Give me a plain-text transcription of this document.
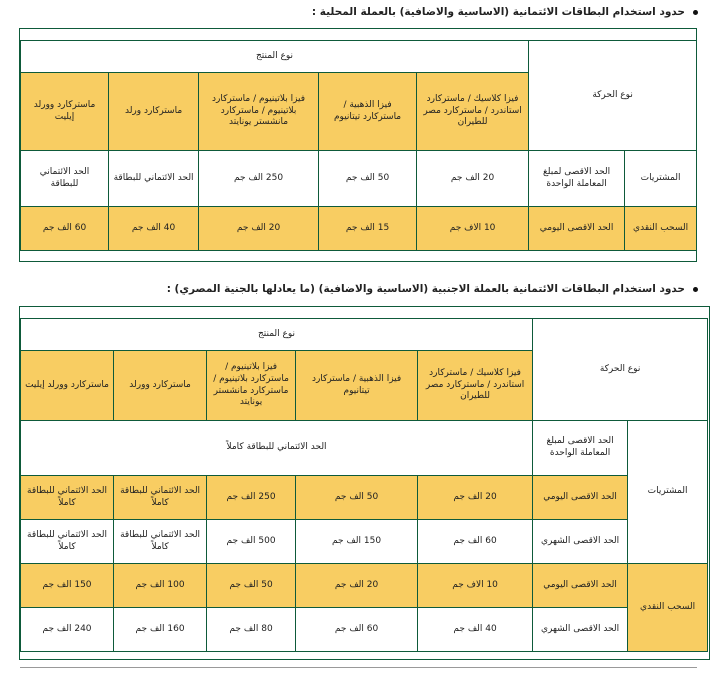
حدود استخدام البطاقات الائتمانية (الاساسية والاضافية) بالعملة المحلية :
نوع الحركة		نوع المنتج				
		فيزا كلاسيك / ماستركارد استاندرد / ماستركارد مصر للطيران	فيزا الذهبية / ماستركارد تيتانيوم	فيزا بلاتينيوم / ماستركارد بلاتينيوم / ماستركارد مانشستر يونايتد	ماستركارد ورلد	ماستركارد وورلد إيليت
المشتريات	الحد الاقصى لمبلغ المعاملة الواحدة	20 الف جم	50 الف جم	250 الف جم	الحد الائتماني للبطاقة	الحد الائتماني للبطاقة
السحب النقدي	الحد الاقصى اليومي	10 الاف جم	15 الف جم	20 الف جم	40 الف جم	60 الف جم
حدود استخدام البطاقات الائتمانية بالعملة الاجنبية (الاساسية والاضافية) (ما يعادلها بالجنية المصري) :
نوع الحركة		نوع المنتج				
		فيزا كلاسيك / ماستركارد استاندرد / ماستركارد مصر للطيران	فيزا الذهبية / ماستركارد تيتانيوم	فيزا بلاتينيوم / ماستركارد بلاتينيوم / ماستركارد مانشستر يونايتد	ماستركارد وورلد	ماستركارد وورلد إيليت
المشتريات	الحد الاقصى لمبلغ المعاملة الواحدة	الحد الائتماني للبطاقة كاملاً				
	الحد الاقصى اليومي	20 الف جم	50 الف جم	250 الف جم	الحد الائتماني للبطاقة كاملاً	الحد الائتماني للبطاقة كاملاً
	الحد الاقصى الشهري	60 الف جم	150 الف جم	500 الف جم	الحد الائتماني للبطاقة كاملاً	الحد الائتماني للبطاقة كاملاً
السحب النقدي	الحد الاقصى اليومي	10 الاف جم	20 الف جم	50 الف جم	100 الف جم	150 الف جم
	الحد الاقصى الشهري	40 الف جم	60 الف جم	80 الف جم	160 الف جم	240 الف جم
